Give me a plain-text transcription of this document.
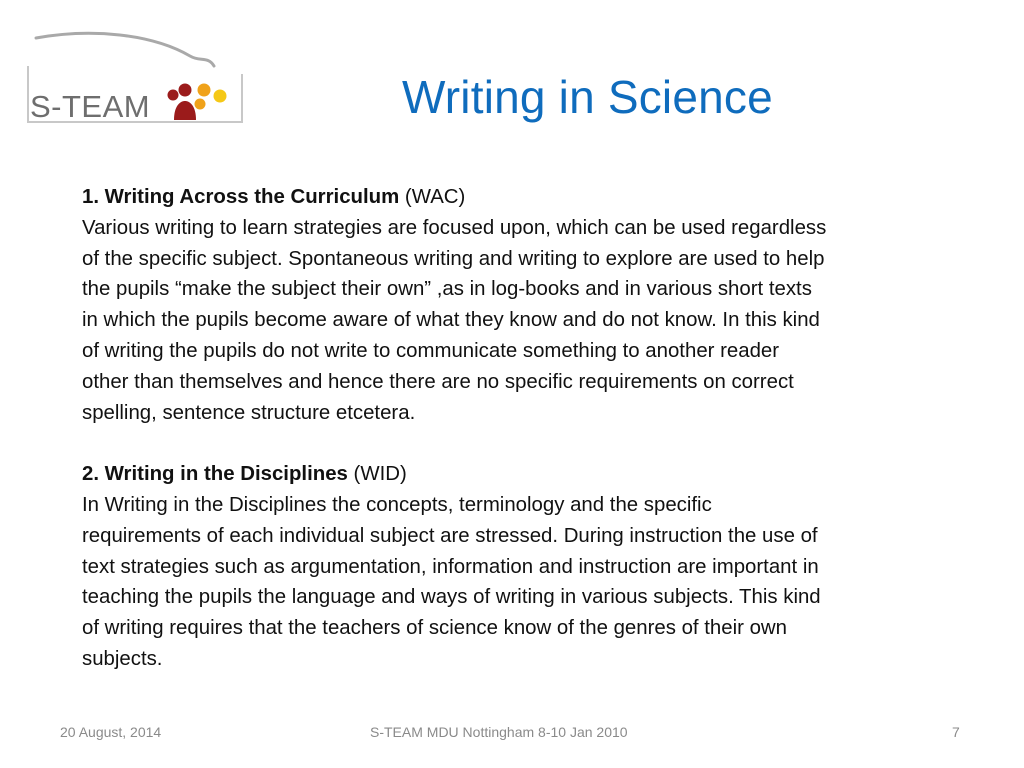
S-TEAM	Writing in Science
1. Writing Across the Curriculum (WAC)
Various writing to learn strategies are focused upon, which can be used regardless
of the specific subject. Spontaneous writing and writing to explore are used to help
the pupils “make the subject their own” ,as in log-books and in various short texts
in which the pupils become aware of what they know and do not know. In this kind
of writing the pupils do not write to communicate something to another reader
other than themselves and hence there are no specific requirements on correct
spelling, sentence structure etcetera.
2. Writing in the Disciplines (WID)
In Writing in the Disciplines the concepts, terminology and the specific
requirements of each individual subject are stressed. During instruction the use of
text strategies such as argumentation, information and instruction are important in
teaching the pupils the language and ways of writing in various subjects. This kind
of writing requires that the teachers of science know of the genres of their own
subjects.
20 August, 2014	S-TEAM MDU Nottingham 8-10 Jan 2010	7
